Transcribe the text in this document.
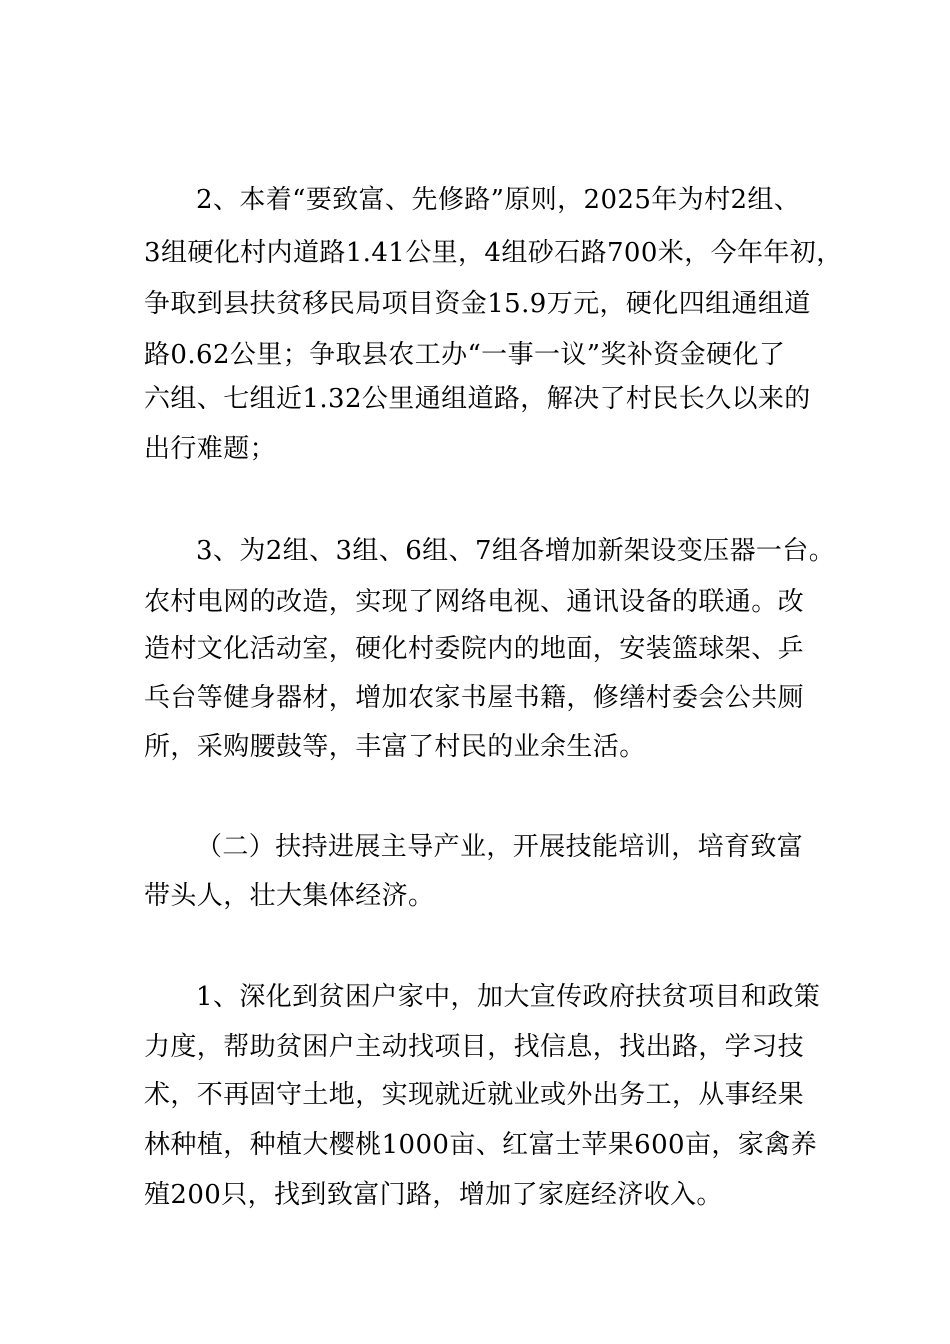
2、本着“要致富、先修路”原则，2025年为村2组、
3组硬化村内道路1.41公里，4组砂石路700米，今年年初，
争取到县扶贫移民局项目资金15.9万元，硬化四组通组道
路0.62公里；争取县农工办“一事一议”奖补资金硬化了
六组、七组近1.32公里通组道路，解决了村民长久以来的
出行难题；
3、为2组、3组、6组、7组各增加新架设变压器一台。
农村电网的改造，实现了网络电视、通讯设备的联通。改
造村文化活动室，硬化村委院内的地面，安装篮球架、乒
乓台等健身器材，增加农家书屋书籍，修缮村委会公共厕
所，采购腰鼓等，丰富了村民的业余生活。
（二）扶持进展主导产业，开展技能培训，培育致富
带头人，壮大集体经济。
1、深化到贫困户家中，加大宣传政府扶贫项目和政策
力度，帮助贫困户主动找项目，找信息，找出路，学习技
术，不再固守土地，实现就近就业或外出务工，从事经果
林种植，种植大樱桃1000亩、红富士苹果600亩，家禽养
殖200只，找到致富门路，增加了家庭经济收入。
